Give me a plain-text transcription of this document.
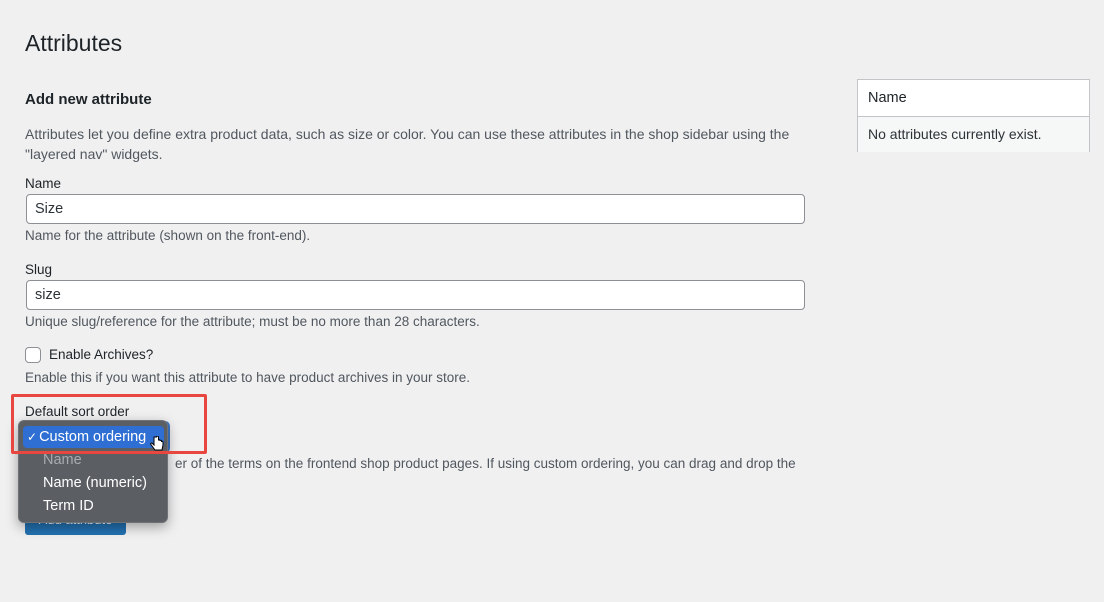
Attributes
Add new attribute

Attributes let you define extra product data, such as size or color. You can use these attributes in the shop sidebar using the "layered nav" widgets.

Name
Size

Name for the attribute (shown on the front-end).

Slug
size

Unique slug/reference for the attribute; must be no more than 28 characters.

Enable Archives?

Enable this if you want this attribute to have product archives in your store.

Default sort order

er of the terms on the frontend shop product pages. If using custom ordering, you can drag and drop the

✓ Custom ordering
Name
Name (numeric)
Term ID
Name
No attributes currently exist.
